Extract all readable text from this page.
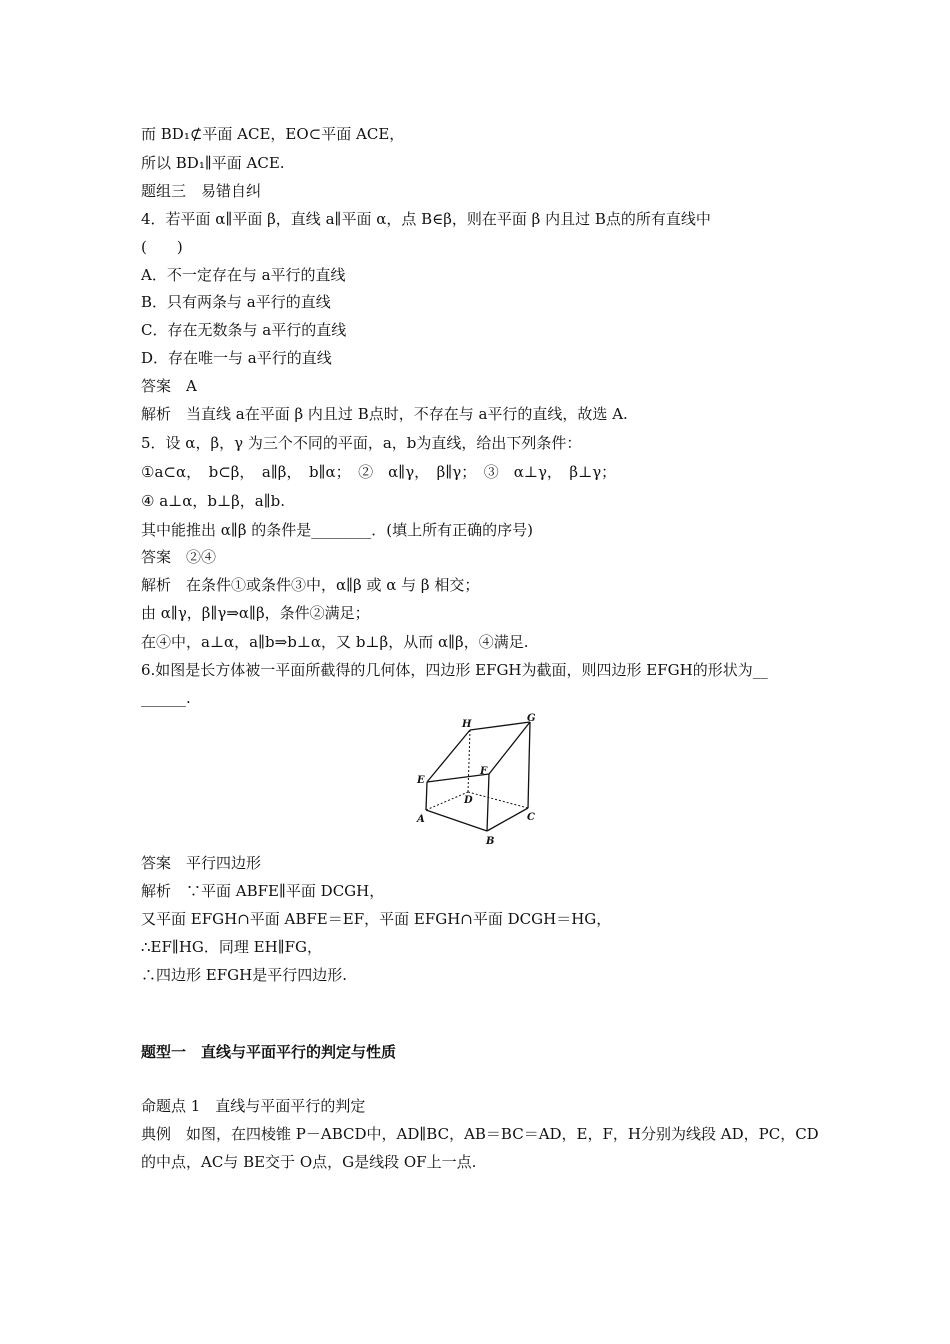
而 BD₁⊄平面 ACE，EO⊂平面 ACE，
所以 BD₁∥平面 ACE.
题组三　易错自纠
4．若平面 α∥平面 β，直线 a∥平面 α，点 B∈β，则在平面 β 内且过 B点的所有直线中
(　　)
A．不一定存在与 a平行的直线
B．只有两条与 a平行的直线
C．存在无数条与 a平行的直线
D．存在唯一与 a平行的直线
答案　A
解析　当直线 a在平面 β 内且过 B点时，不存在与 a平行的直线，故选 A.
5．设 α，β，γ 为三个不同的平面，a，b为直线，给出下列条件：
①a⊂α，　b⊂β，　a∥β，　b∥α；　②　α∥γ，　β∥γ；　③　α⊥γ，　β⊥γ；
④ a⊥α，b⊥β，a∥b.
其中能推出 α∥β 的条件是________．(填上所有正确的序号)
答案　②④
解析　在条件①或条件③中，α∥β 或 α 与 β 相交；
由 α∥γ，β∥γ⇒α∥β，条件②满足；
在④中，a⊥α，a∥b⇒b⊥α，又 b⊥β，从而 α∥β，④满足.
6.如图是长方体被一平面所截得的几何体，四边形 EFGH为截面，则四边形 EFGH的形状为__
______.
H
G
E
F
D
A	C
B
答案　平行四边形
解析　∵平面 ABFE∥平面 DCGH，
又平面 EFGH∩平面 ABFE＝EF，平面 EFGH∩平面 DCGH＝HG，
∴EF∥HG．同理 EH∥FG，
∴四边形 EFGH是平行四边形.
题型一　直线与平面平行的判定与性质
命题点 1　直线与平面平行的判定
典例　如图，在四棱锥 P－ABCD中，AD∥BC，AB＝BC＝AD，E，F，H分别为线段 AD，PC，CD
的中点，AC与 BE交于 O点，G是线段 OF上一点.
